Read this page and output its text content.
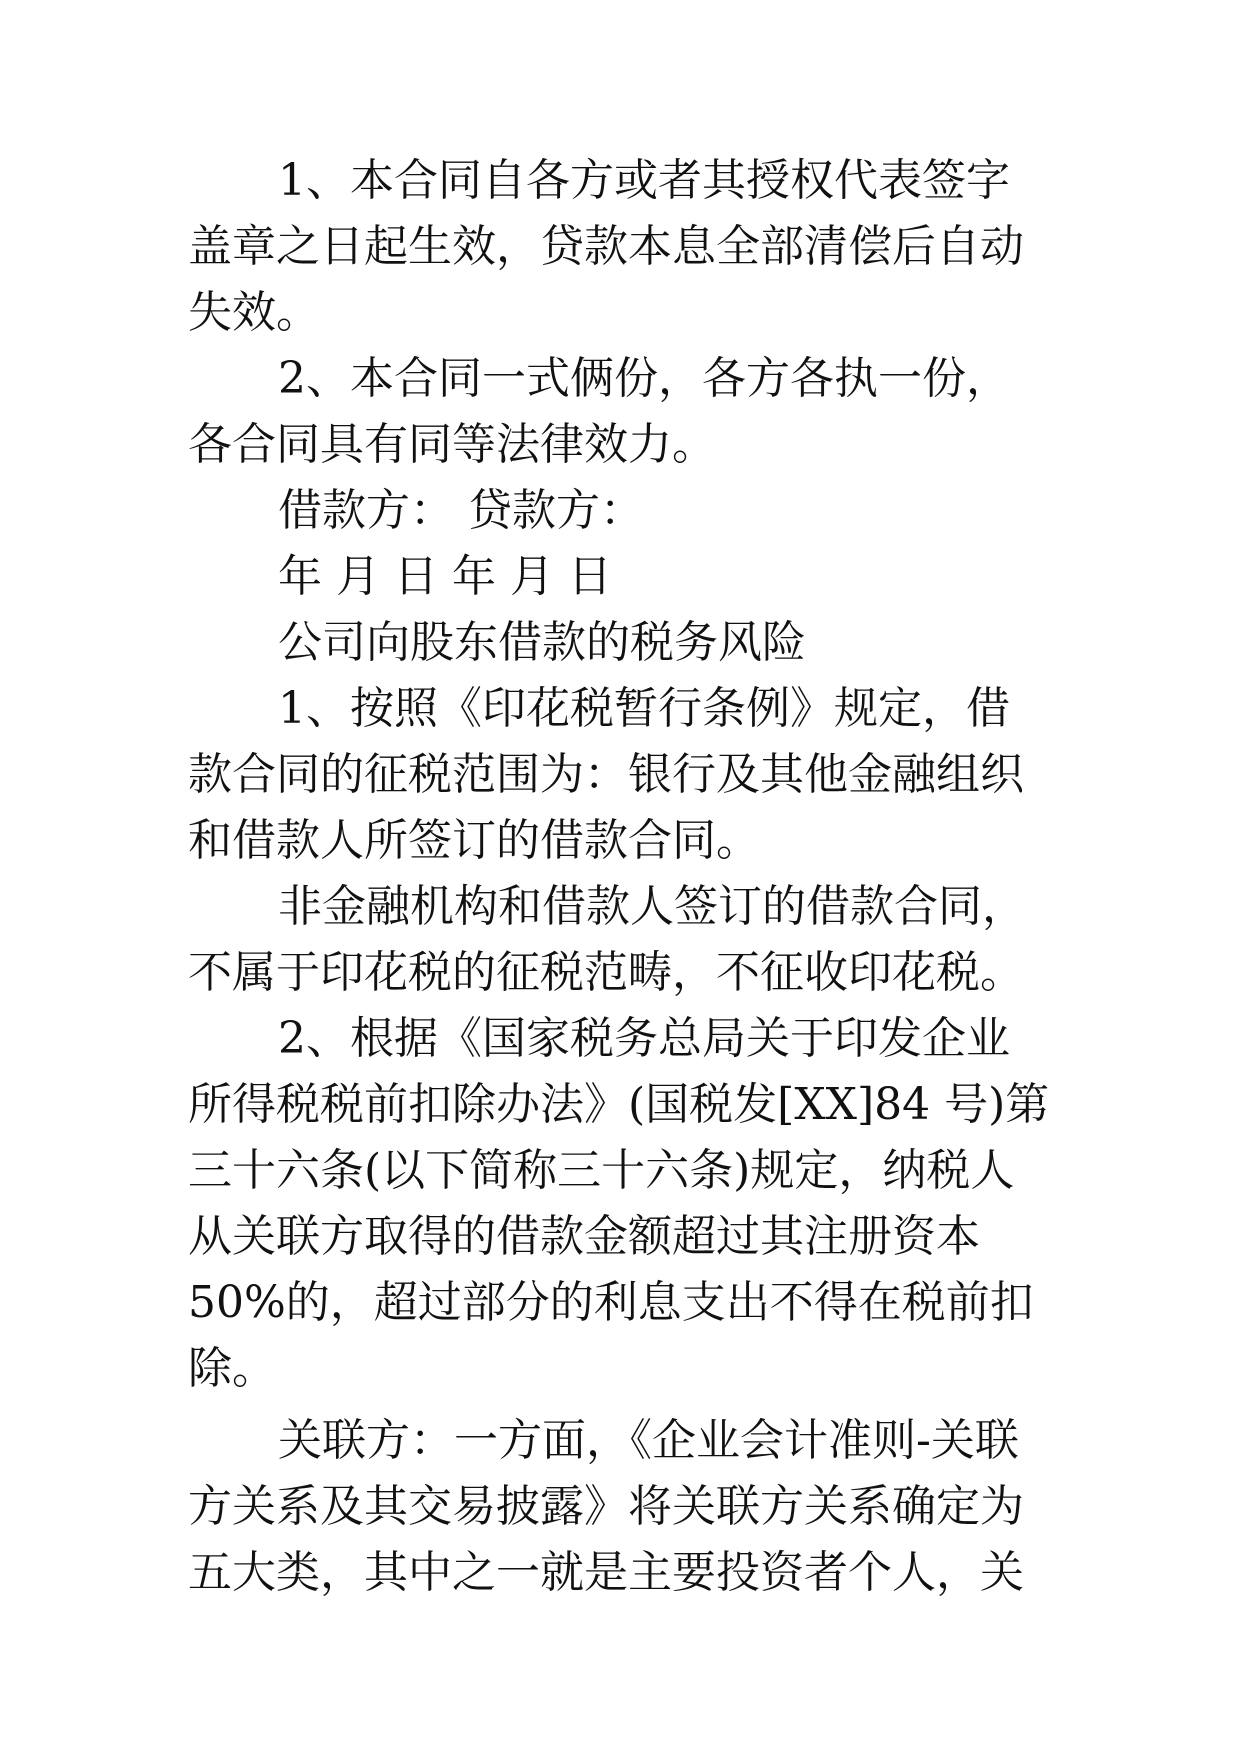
1、本合同自各方或者其授权代表签字
盖章之日起生效，贷款本息全部清偿后自动
失效。
2、本合同一式俩份，各方各执一份，
各合同具有同等法律效力。
借款方： 贷款方：
年 月 日 年 月 日
公司向股东借款的税务风险
1、按照《印花税暂行条例》规定，借
款合同的征税范围为：银行及其他金融组织
和借款人所签订的借款合同。
非金融机构和借款人签订的借款合同，
不属于印花税的征税范畴，不征收印花税。
2、根据《国家税务总局关于印发企业
所得税税前扣除办法》(国税发[XX]84 号)第
三十六条(以下简称三十六条)规定，纳税人
从关联方取得的借款金额超过其注册资本
50%的，超过部分的利息支出不得在税前扣
除。
关联方：一方面，《企业会计准则-关联
方关系及其交易披露》将关联方关系确定为
五大类，其中之一就是主要投资者个人，关
